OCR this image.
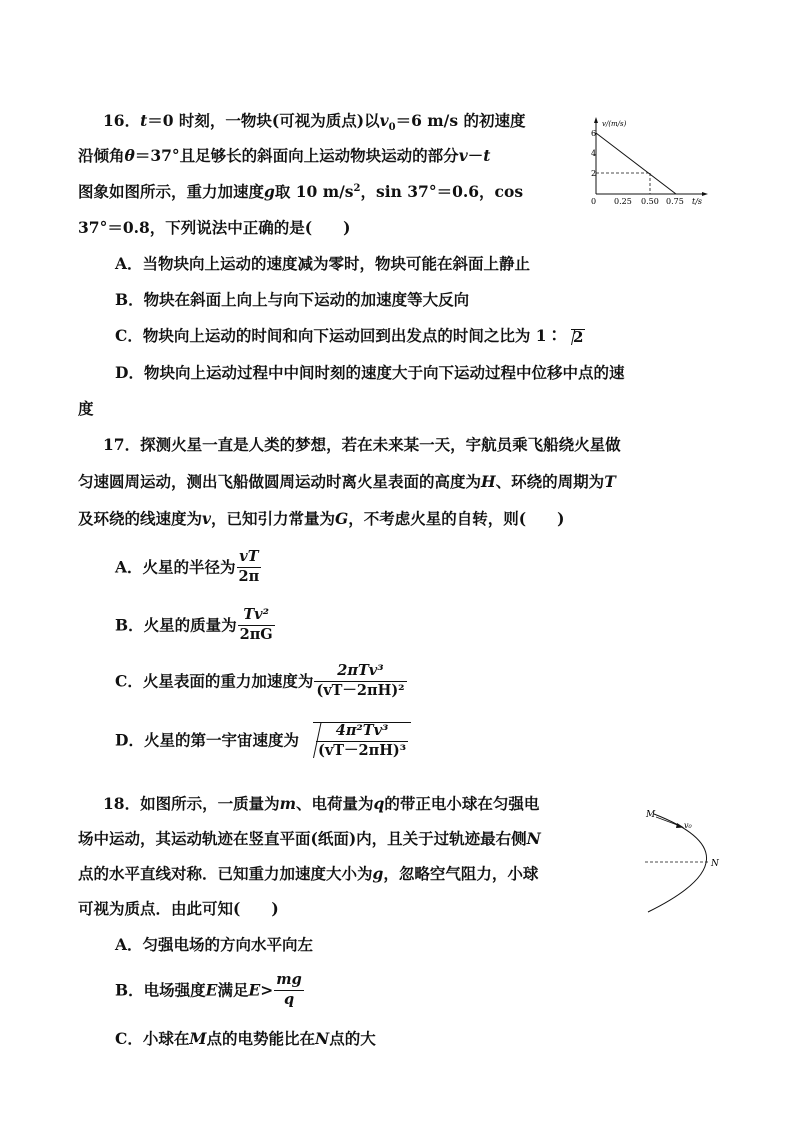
16．t＝0 时刻，一物块(可视为质点)以$v_0=6$ m/s 的初速度
沿倾角θ＝37°且足够长的斜面向上运动物块运动的部分v－t
图象如图所示，重力加速度g取 10 $m/s^2$，sin 37°＝0.6，cos
37°＝0.8，下列说法中正确的是(　　)
A．当物块向上运动的速度减为零时，物块可能在斜面上静止
B．物块在斜面上向上与向下运动的加速度等大反向
C．物块向上运动的时间和向下运动回到出发点的时间之比为 1∶ 2
D．物块向上运动过程中中间时刻的速度大于向下运动过程中位移中点的速
度
v/(m/s)
t/s
6
4
2
0 0.25 0.50 0.75
17．探测火星一直是人类的梦想，若在未来某一天，宇航员乘飞船绕火星做
匀速圆周运动，测出飞船做圆周运动时离火星表面的高度为H、环绕的周期为T
及环绕的线速度为v，已知引力常量为G，不考虑火星的自转，则(　　)
A．火星的半径为 $\frac{vT}{2\pi}$
B．火星的质量为 $\frac{\text{Tv²}}{2\pi G}$
C．火星表面的重力加速度为 $\frac{\text{2πTv³}}{\text{(vT－2πH)²}}$
D．火星的第一宇宙速度为 $\frac{\text{4π²Tv³}}{\text{(vT－2πH)³}}$
18．如图所示，一质量为m、电荷量为q的带正电小球在匀强电
场中运动，其运动轨迹在竖直平面(纸面)内，且关于过轨迹最右侧N
点的水平直线对称．已知重力加速度大小为g，忽略空气阻力，小球
可视为质点．由此可知(　　)
A．匀强电场的方向水平向左
B．电场强度E满足$E> \frac{mg}{q}$
C．小球在M点的电势能比在N点的大
M
v₀
N
